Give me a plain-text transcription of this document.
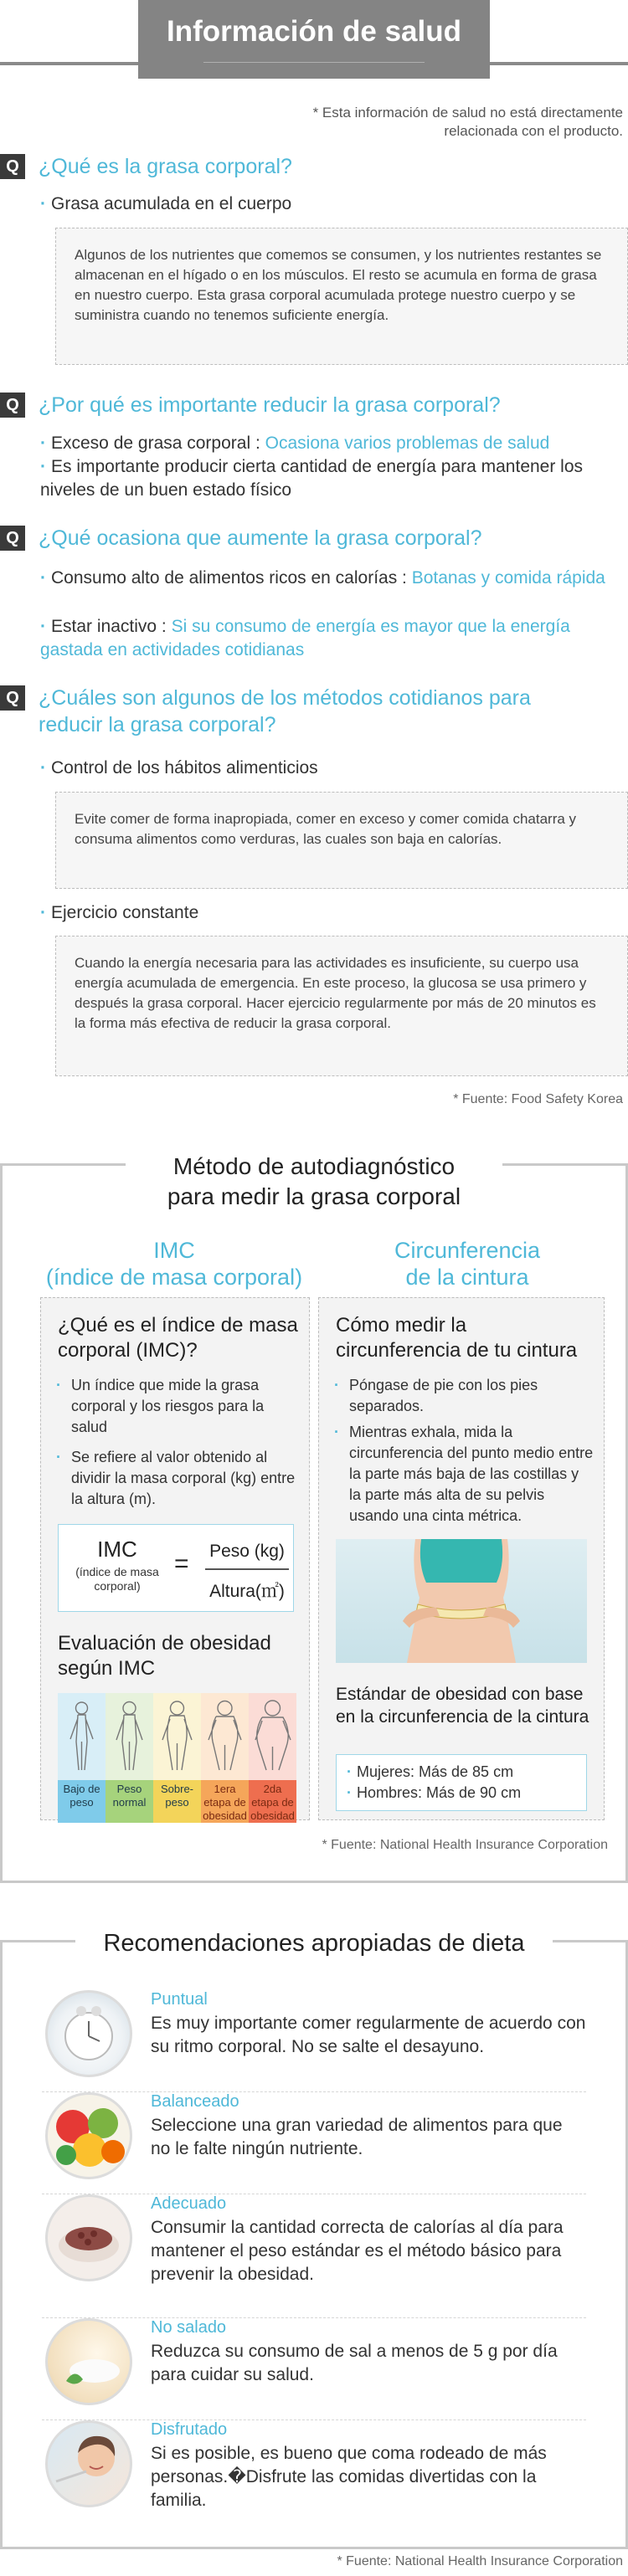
Información de salud
* Esta información de salud no está directamente relacionada con el producto.
Q ¿Qué es la grasa corporal?
· Grasa acumulada en el cuerpo
Algunos de los nutrientes que comemos se consumen, y los nutrientes restantes se almacenan en el hígado o en los músculos. El resto se acumula en forma de grasa en nuestro cuerpo. Esta grasa corporal acumulada protege nuestro cuerpo y se suministra cuando no tenemos suficiente energía.
Q ¿Por qué es importante reducir la grasa corporal?
· Exceso de grasa corporal : Ocasiona varios problemas de salud
· Es importante producir cierta cantidad de energía para mantener los niveles de un buen estado físico
Q ¿Qué ocasiona que aumente la grasa corporal?
· Consumo alto de alimentos ricos en calorías : Botanas y comida rápida
· Estar inactivo : Si su consumo de energía es mayor que la energía gastada en actividades cotidianas
Q ¿Cuáles son algunos de los métodos cotidianos para reducir la grasa corporal?
· Control de los hábitos alimenticios
Evite comer de forma inapropiada, comer en exceso y comer comida chatarra y consuma alimentos como verduras, las cuales son baja en calorías.
· Ejercicio constante
Cuando la energía necesaria para las actividades es insuficiente, su cuerpo usa energía acumulada de emergencia. En este proceso, la glucosa se usa primero y después la grasa corporal. Hacer ejercicio regularmente por más de 20 minutos es la forma más efectiva de reducir la grasa corporal.
* Fuente: Food Safety Korea
Método de autodiagnóstico
para medir la grasa corporal
IMC
(índice de masa corporal)
Circunferencia
de la cintura
¿Qué es el índice de masa corporal (IMC)?
· Un índice que mide la grasa corporal y los riesgos para la salud
· Se refiere al valor obtenido al dividir la masa corporal (kg) entre la altura (m).
IMC
(índice de masa corporal)
=	Peso (kg)
Altura(㎡)
Evaluación de obesidad según IMC
Bajo de peso
Peso normal
Sobre-peso
1era etapa de obesidad
2da etapa de obesidad
Cómo medir la circunferencia de tu cintura
· Póngase de pie con los pies separados.
· Mientras exhala, mida la circunferencia del punto medio entre la parte más baja de las costillas y la parte más alta de su pelvis usando una cinta métrica.
Estándar de obesidad con base en la circunferencia de la cintura
· Mujeres: Más de 85 cm
· Hombres: Más de 90 cm
* Fuente: National Health Insurance Corporation
Recomendaciones apropiadas de dieta
Puntual
Es muy importante comer regularmente de acuerdo con su ritmo corporal. No se salte el desayuno.
Balanceado
Seleccione una gran variedad de alimentos para que no le falte ningún nutriente.
Adecuado
Consumir la cantidad correcta de calorías al día para mantener el peso estándar es el método básico para prevenir la obesidad.
No salado
Reduzca su consumo de sal a menos de 5 g por día para cuidar su salud.
Disfrutado
Si es posible, es bueno que coma rodeado de más personas.�Disfrute las comidas divertidas con la familia.
* Fuente: National Health Insurance Corporation
